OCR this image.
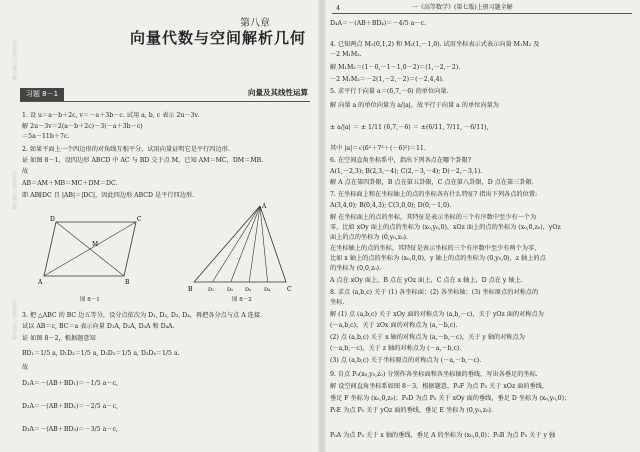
高等数学习题全解
高等数学习题全解
高等数学习题全解
第八章
向量代数与空间解析几何
习题 8－1	向量及其线性运算
1. 设 u＝a－b＋2c, v＝－a＋3b－c. 试用 a, b, c 表示 2u－3v.
解 2u－3v＝2(a－b＋2c)－3(－a＋3b－c)
＝5a－11b＋7c.
2. 如果平面上一个四边形的对角线互相平分，试用向量证明它是平行四边形.
证 如图 8－1，设四边形 ABCD 中 AC 与 BD 交于点 M，已知 AM＝MC，DM＝MB.
故
AB＝AM＋MB＝MC＋DM＝DC.
即 AB∥DC 且 |AB|＝|DC|，因此四边形 ABCD 是平行四边形.
D	C
A	B
M
图 8－1
A
B	C
D₁	D₂ D₃	D₄
图 8－2
3. 把 △ABC 的 BC 边五等分，设分点依次为 D₁, D₂, D₃, D₄，再把各分点与点 A 连接.
试以 AB＝c, BC＝a 表示向量 D₁A, D₂A, D₃A 和 D₄A.
证 如图 8－2，根据题意知
BD₁＝1/5 a, D₁D₂＝1/5 a, D₂D₃＝1/5 a, D₃D₄＝1/5 a.
故
D₁A＝－(AB＋BD₁)＝－1/5 a－c,
D₂A＝－(AB＋BD₂)＝－2/5 a－c,
D₃A＝－(AB＋BD₃)＝－3/5 a－c,
4	一《高等数学》(第七版)上册习题全解
D₄A＝－(AB＋BD₄)＝－4/5 a－c.
4. 已知两点 M₁(0,1,2) 和 M₂(1,－1,0). 试用坐标表示式表示向量 M₁M₂ 及
－2 M₁M₂.
解 M₁M₂＝(1－0,－1－1,0－2)＝(1,－2,－2).
－2 M₁M₂＝－2(1,－2,－2)＝(－2,4,4).
5. 求平行于向量 a＝(6,7,－6) 的单位向量.
解 向量 a 的单位向量为 a/|a|，故平行于向量 a 的单位向量为
± a/|a| ＝ ± 1/11 (6,7,－6) ＝ ±(6/11, 7/11, －6/11),
其中 |a|＝√(6²＋7²＋(－6)²)＝11.
6. 在空间直角坐标系中，指出下列各点在哪个卦限?
A(1,－2,3); B(2,3,－4); C(2,－3,－4); D(－2,－3,1).
解 A 点在第四卦限，B 点在第五卦限，C 点在第八卦限，D 点在第三卦限.
7. 在坐标面上和在坐标轴上的点的坐标各有什么特征? 指出下列各点的位置:
A(3,4,0); B(0,4,3); C(3,0,0); D(0,－1,0).
解 在坐标面上的点的坐标，其特征是表示坐标的三个有序数中至少有一个为
零，比如 xOy 面上的点的坐标为 (x₀,y₀,0)，xOz 面上的点的坐标为 (x₀,0,z₀)，yOz
面上的点的坐标为 (0,y₀,z₀).
在坐标轴上的点的坐标，其特征是表示坐标的三个有序数中至少有两个为零，
比如 x 轴上的点的坐标为 (x₀,0,0)，y 轴上的点的坐标为 (0,y₀,0)，z 轴上的点
的坐标为 (0,0,z₀).
A 点在 xOy 面上，B 点在 yOz 面上，C 点在 x 轴上，D 点在 y 轴上.
8. 求点 (a,b,c) 关于 (1) 各坐标面；(2) 各坐标轴；(3) 坐标原点的对称点的
坐标.
解 (1) 点 (a,b,c) 关于 xOy 面的对称点为 (a,b,－c)，关于 yOz 面的对称点为
(－a,b,c)，关于 zOx 面的对称点为 (a,－b,c).
(2) 点 (a,b,c) 关于 x 轴的对称点为 (a,－b,－c)，关于 y 轴的对称点为
(－a,b,－c)，关于 z 轴的对称点为 (－a,－b,c).
(3) 点 (a,b,c) 关于坐标原点的对称点为 (－a,－b,－c).
9. 自点 P₀(x₀,y₀,z₀) 分别作各坐标面和各坐标轴的垂线，写出各垂足的坐标.
解 设空间直角坐标系如图 8－3，根据题意，P₀F 为点 P₀ 关于 xOz 面的垂线，
垂足 F 坐标为 (x₀,0,z₀)；P₀D 为点 P₀ 关于 xOy 面的垂线，垂足 D 坐标为 (x₀,y₀,0)；
P₀E 为点 P₀ 关于 yOz 面的垂线，垂足 E 坐标为 (0,y₀,z₀).
P₀A 为点 P₀ 关于 x 轴的垂线，垂足 A 的坐标为 (x₀,0,0)；P₀B 为点 P₀ 关于 y 轴
